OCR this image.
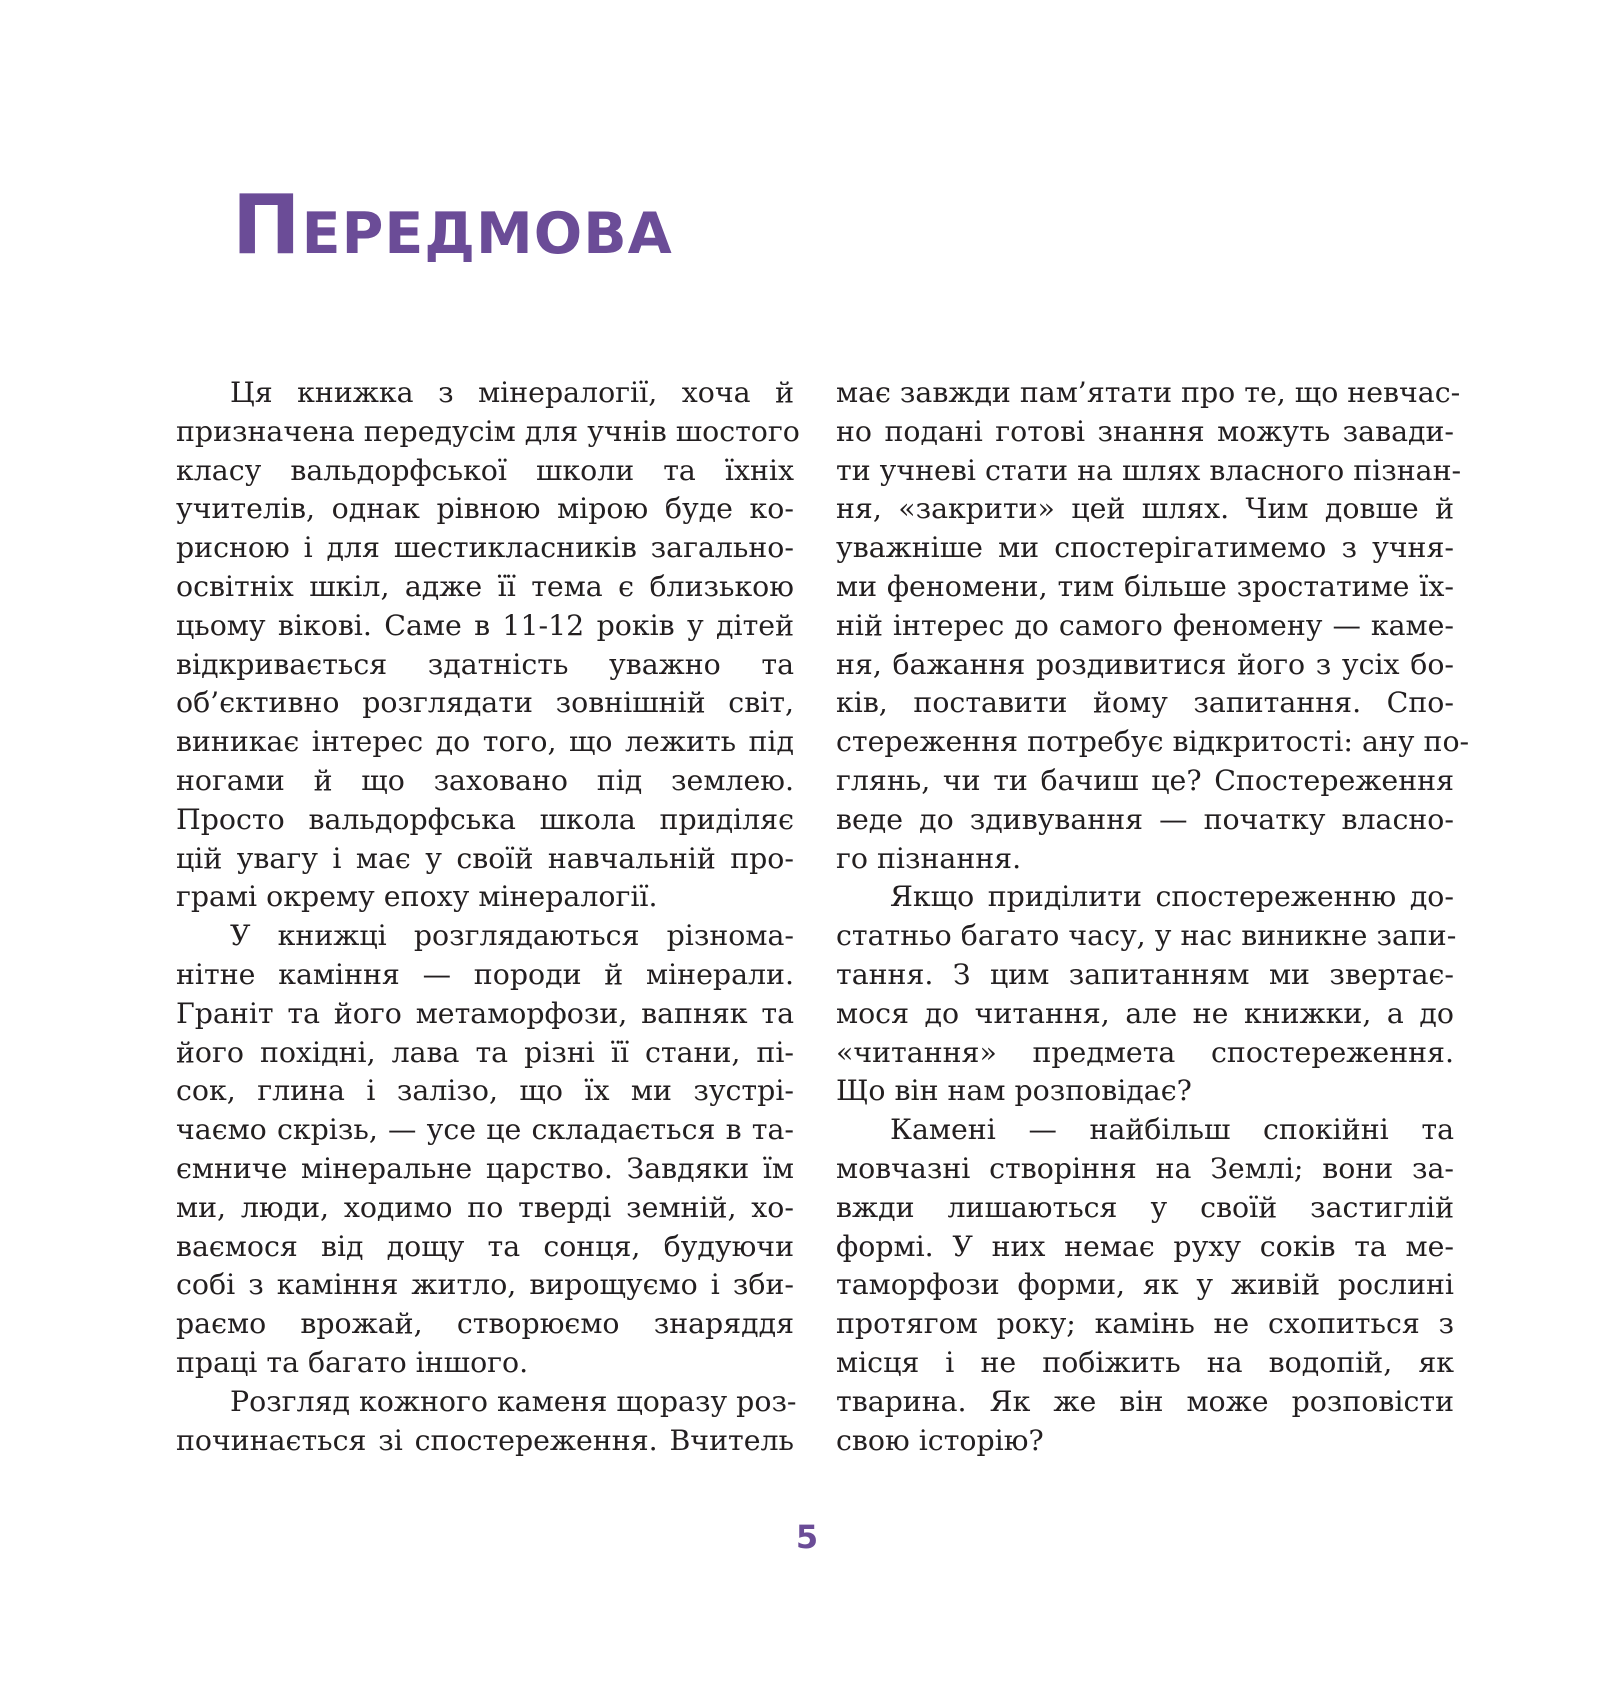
Передмова
Ця книжка з мінералогії, хоча й
призначена передусім для учнів шостого
класу вальдорфської школи та їхніх
учителів, однак рівною мірою буде ко-
рисною і для шестикласників загально-
освітніх шкіл, адже її тема є близькою
цьому вікові. Саме в 11-12 років у дітей
відкривається здатність уважно та
об’єктивно розглядати зовнішній світ,
виникає інтерес до того, що лежить під
ногами й що заховано під землею.
Просто вальдорфська школа приділяє
цій увагу і має у своїй навчальній про-
грамі окрему епоху мінералогії.
У книжці розглядаються різнома-
нітне каміння — породи й мінерали.
Граніт та його метаморфози, вапняк та
його похідні, лава та різні її стани, пі-
сок, глина і залізо, що їх ми зустрі-
чаємо скрізь, — усе це складається в та-
ємниче мінеральне царство. Завдяки їм
ми, люди, ходимо по тверді земній, хо-
ваємося від дощу та сонця, будуючи
собі з каміння житло, вирощуємо і зби-
раємо врожай, створюємо знаряддя
праці та багато іншого.
Розгляд кожного каменя щоразу роз-
починається зі спостереження. Вчитель
має завжди пам’ятати про те, що невчас-
но подані готові знання можуть завади-
ти учневі стати на шлях власного пізнан-
ня, «закрити» цей шлях. Чим довше й
уважніше ми спостерігатимемо з учня-
ми феномени, тим більше зростатиме їх-
ній інтерес до самого феномену — каме-
ня, бажання роздивитися його з усіх бо-
ків, поставити йому запитання. Спо-
стереження потребує відкритості: ану по-
глянь, чи ти бачиш це? Спостереження
веде до здивування — початку власно-
го пізнання.
Якщо приділити спостереженню до-
статньо багато часу, у нас виникне запи-
тання. З цим запитанням ми звертає-
мося до читання, але не книжки, а до
«читання» предмета спостереження.
Що він нам розповідає?
Камені — найбільш спокійні та
мовчазні створіння на Землі; вони за-
вжди лишаються у своїй застиглій
формі. У них немає руху соків та ме-
таморфози форми, як у живій рослині
протягом року; камінь не схопиться з
місця і не побіжить на водопій, як
тварина. Як же він може розповісти
свою історію?
5
